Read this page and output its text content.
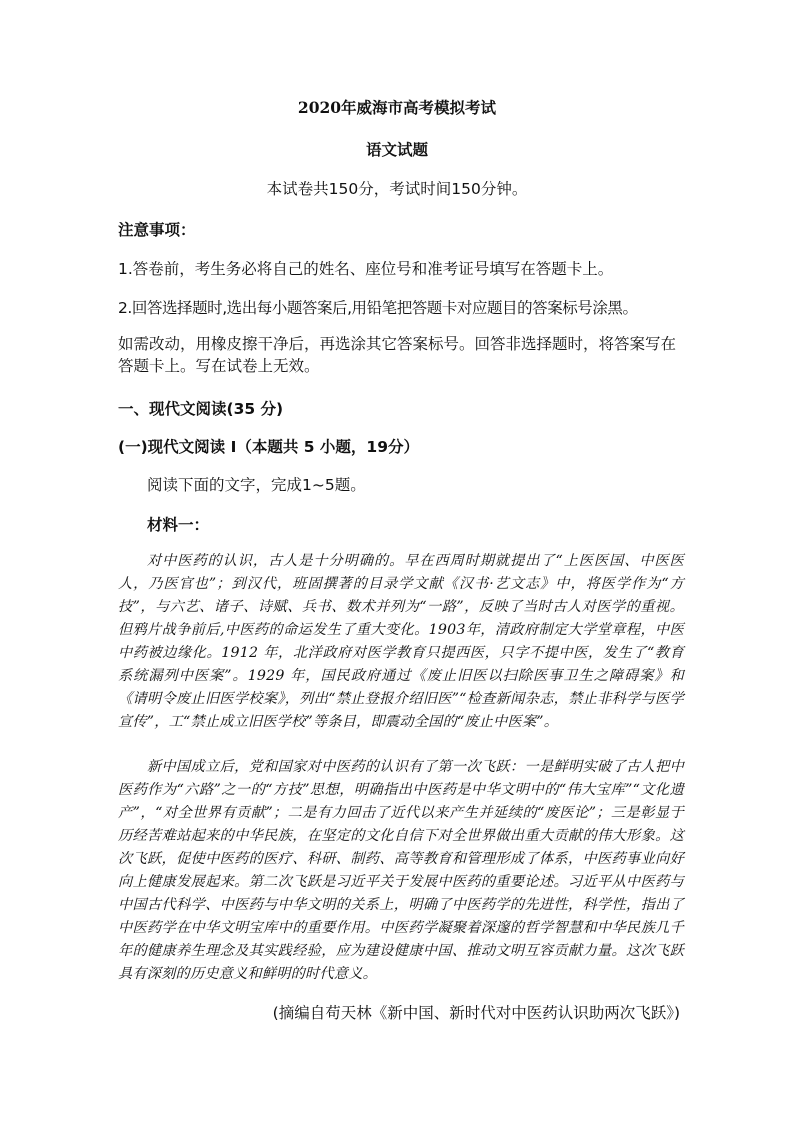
2020年威海市高考模拟考试
语文试题
本试卷共150分，考试时间150分钟。
注意事项：
1.答卷前，考生务必将自己的姓名、座位号和准考证号填写在答题卡上。
2.回答选择题时,选出每小题答案后,用铅笔把答题卡对应题目的答案标号涂黑。

如需改动，用橡皮擦干净后，再选涂其它答案标号。回答非选择题时，将答案写在答题卡上。写在试卷上无效。

一、现代文阅读(35 分)
(一)现代文阅读 I（本题共 5 小题，19分）
阅读下面的文字，完成1~5题。
材料一：

对中医药的认识，古人是十分明确的。早在西周时期就提出了“上医医国、中医医人，乃医官也”；到汉代，班固撰著的目录学文献《汉书·艺文志》中，将医学作为“方技”，与六艺、诸子、诗赋、兵书、数术并列为“一路”，反映了当时古人对医学的重视。但鸦片战争前后,中医药的命运发生了重大变化。1903年，清政府制定大学堂章程，中医中药被边缘化。1912 年，北洋政府对医学教育只提西医，只字不提中医，发生了“教育系统漏列中医案”。1929 年，国民政府通过《废止旧医以扫除医事卫生之障碍案》和《请明令废止旧医学校案》，列出“禁止登报介绍旧医”“检查新闻杂志，禁止非科学与医学宣传”，工“禁止成立旧医学校”等条目，即震动全国的“废止中医案”。

新中国成立后，党和国家对中医药的认识有了第一次飞跃：一是鲜明实破了古人把中医药作为“六路”之一的“方技”思想，明确指出中医药是中华文明中的“伟大宝库”“文化遗产”，“对全世界有贡献”；二是有力回击了近代以来产生并延续的“废医论”；三是彰显于历经苦难站起来的中华民族，在坚定的文化自信下对全世界做出重大贡献的伟大形象。这次飞跃，促使中医药的医疗、科研、制药、高等教育和管理形成了体系，中医药事业向好向上健康发展起来。第二次飞跃是习近平关于发展中医药的重要论述。习近平从中医药与中国古代科学、中医药与中华文明的关系上，明确了中医药学的先进性，科学性，指出了中医药学在中华文明宝库中的重要作用。中医药学凝聚着深邃的哲学智慧和中华民族几千年的健康养生理念及其实践经验，应为建设健康中国、推动文明互容贡献力量。这次飞跃具有深刻的历史意义和鲜明的时代意义。

(摘编自苟天林《新中国、新时代对中医药认识助两次飞跃》)
